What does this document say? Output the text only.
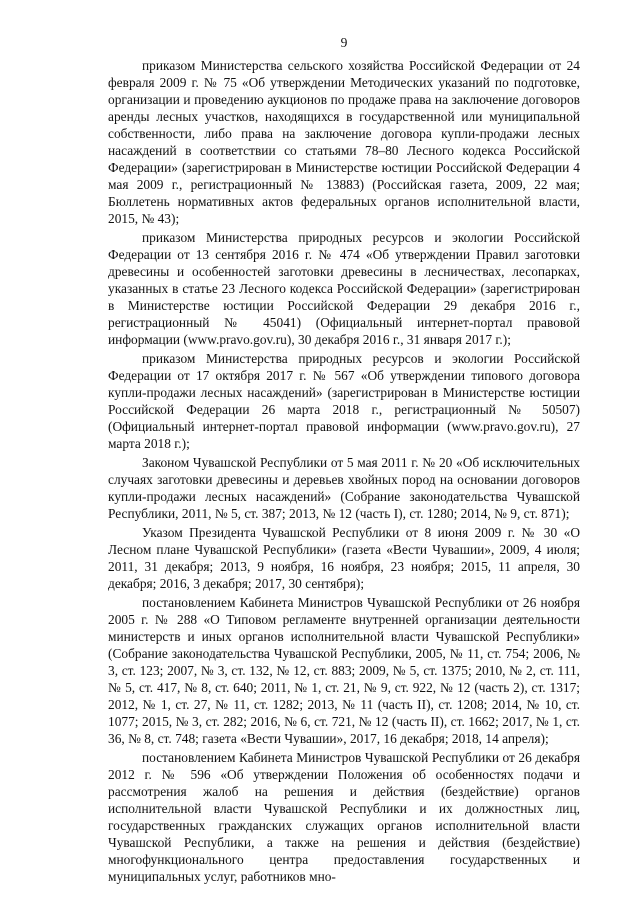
9

приказом Министерства сельского хозяйства Российской Федерации от 24 февраля 2009 г. № 75 «Об утверждении Методических указаний по подготовке, организации и проведению аукционов по продаже права на заключение договоров аренды лесных участков, находящихся в государственной или муниципальной собственности, либо права на заключение договора купли-продажи лесных насаждений в соответствии со статьями 78–80 Лесного кодекса Российской Федерации» (зарегистрирован в Министерстве юстиции Российской Федерации 4 мая 2009 г., регистрационный № 13883) (Российская газета, 2009, 22 мая; Бюллетень нормативных актов федеральных органов исполнительной власти, 2015, № 43);

приказом Министерства природных ресурсов и экологии Российской Федерации от 13 сентября 2016 г. № 474 «Об утверждении Правил заготовки древесины и особенностей заготовки древесины в лесничествах, лесопарках, указанных в статье 23 Лесного кодекса Российской Федерации» (зарегистрирован в Министерстве юстиции Российской Федерации 29 декабря 2016 г., регистрационный № 45041) (Официальный интернет-портал правовой информации (www.pravo.gov.ru), 30 декабря 2016 г., 31 января 2017 г.);

приказом Министерства природных ресурсов и экологии Российской Федерации от 17 октября 2017 г. № 567 «Об утверждении типового договора купли-продажи лесных насаждений» (зарегистрирован в Министерстве юстиции Российской Федерации 26 марта 2018 г., регистрационный № 50507) (Официальный интернет-портал правовой информации (www.pravo.gov.ru), 27 марта 2018 г.);

Законом Чувашской Республики от 5 мая 2011 г. № 20 «Об исключительных случаях заготовки древесины и деревьев хвойных пород на основании договоров купли-продажи лесных насаждений» (Собрание законодательства Чувашской Республики, 2011, № 5, ст. 387; 2013, № 12 (часть I), ст. 1280; 2014, № 9, ст. 871);

Указом Президента Чувашской Республики от 8 июня 2009 г. № 30 «О Лесном плане Чувашской Республики» (газета «Вести Чувашии», 2009, 4 июля; 2011, 31 декабря; 2013, 9 ноября, 16 ноября, 23 ноября; 2015, 11 апреля, 30 декабря; 2016, 3 декабря; 2017, 30 сентября);

постановлением Кабинета Министров Чувашской Республики от 26 ноября 2005 г. № 288 «О Типовом регламенте внутренней организации деятельности министерств и иных органов исполнительной власти Чувашской Республики» (Собрание законодательства Чувашской Республики, 2005, № 11, ст. 754; 2006, № 3, ст. 123; 2007, № 3, ст. 132, № 12, ст. 883; 2009, № 5, ст. 1375; 2010, № 2, ст. 111, № 5, ст. 417, № 8, ст. 640; 2011, № 1, ст. 21, № 9, ст. 922, № 12 (часть 2), ст. 1317; 2012, № 1, ст. 27, № 11, ст. 1282; 2013, № 11 (часть II), ст. 1208; 2014, № 10, ст. 1077; 2015, № 3, ст. 282; 2016, № 6, ст. 721, № 12 (часть II), ст. 1662; 2017, № 1, ст. 36, № 8, ст. 748; газета «Вести Чувашии», 2017, 16 декабря; 2018, 14 апреля);

постановлением Кабинета Министров Чувашской Республики от 26 декабря 2012 г. № 596 «Об утверждении Положения об особенностях подачи и рассмотрения жалоб на решения и действия (бездействие) органов исполнительной власти Чувашской Республики и их должностных лиц, государственных гражданских служащих органов исполнительной власти Чувашской Республики, а также на решения и действия (бездействие) многофункционального центра предоставления государственных и муниципальных услуг, работников мно-
